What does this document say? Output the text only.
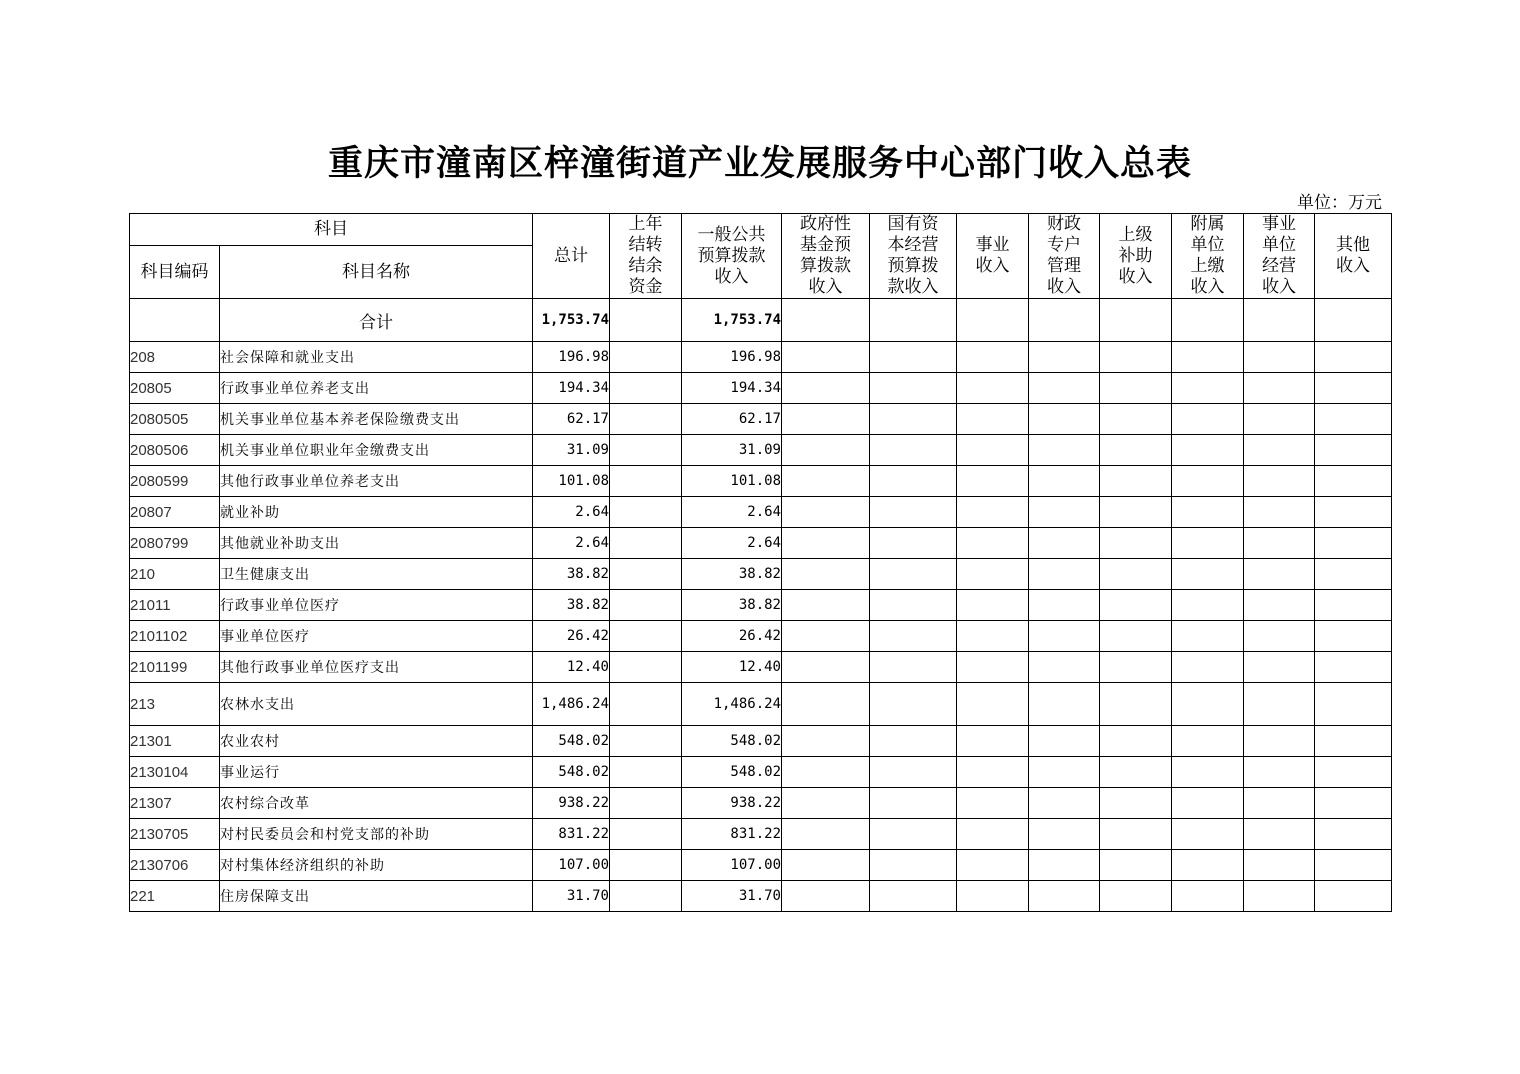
重庆市潼南区梓潼街道产业发展服务中心部门收入总表
单位：万元
科目		总计	上年结转结余资金	一般公共预算拨款收入	政府性基金预算拨款收入	国有资本经营预算拨款收入	事业收入	财政专户管理收入	上级补助收入	附属单位上缴收入	事业单位经营收入	其他收入
科目编码	科目名称											
	合计	1,753.74		1,753.74								
208	社会保障和就业支出	196.98		196.98								
20805	行政事业单位养老支出	194.34		194.34								
2080505	机关事业单位基本养老保险缴费支出	62.17		62.17								
2080506	机关事业单位职业年金缴费支出	31.09		31.09								
2080599	其他行政事业单位养老支出	101.08		101.08								
20807	就业补助	2.64		2.64								
2080799	其他就业补助支出	2.64		2.64								
210	卫生健康支出	38.82		38.82								
21011	行政事业单位医疗	38.82		38.82								
2101102	事业单位医疗	26.42		26.42								
2101199	其他行政事业单位医疗支出	12.40		12.40								
213	农林水支出	1,486.24		1,486.24								
21301	农业农村	548.02		548.02								
2130104	事业运行	548.02		548.02								
21307	农村综合改革	938.22		938.22								
2130705	对村民委员会和村党支部的补助	831.22		831.22								
2130706	对村集体经济组织的补助	107.00		107.00								
221	住房保障支出	31.70		31.70								
